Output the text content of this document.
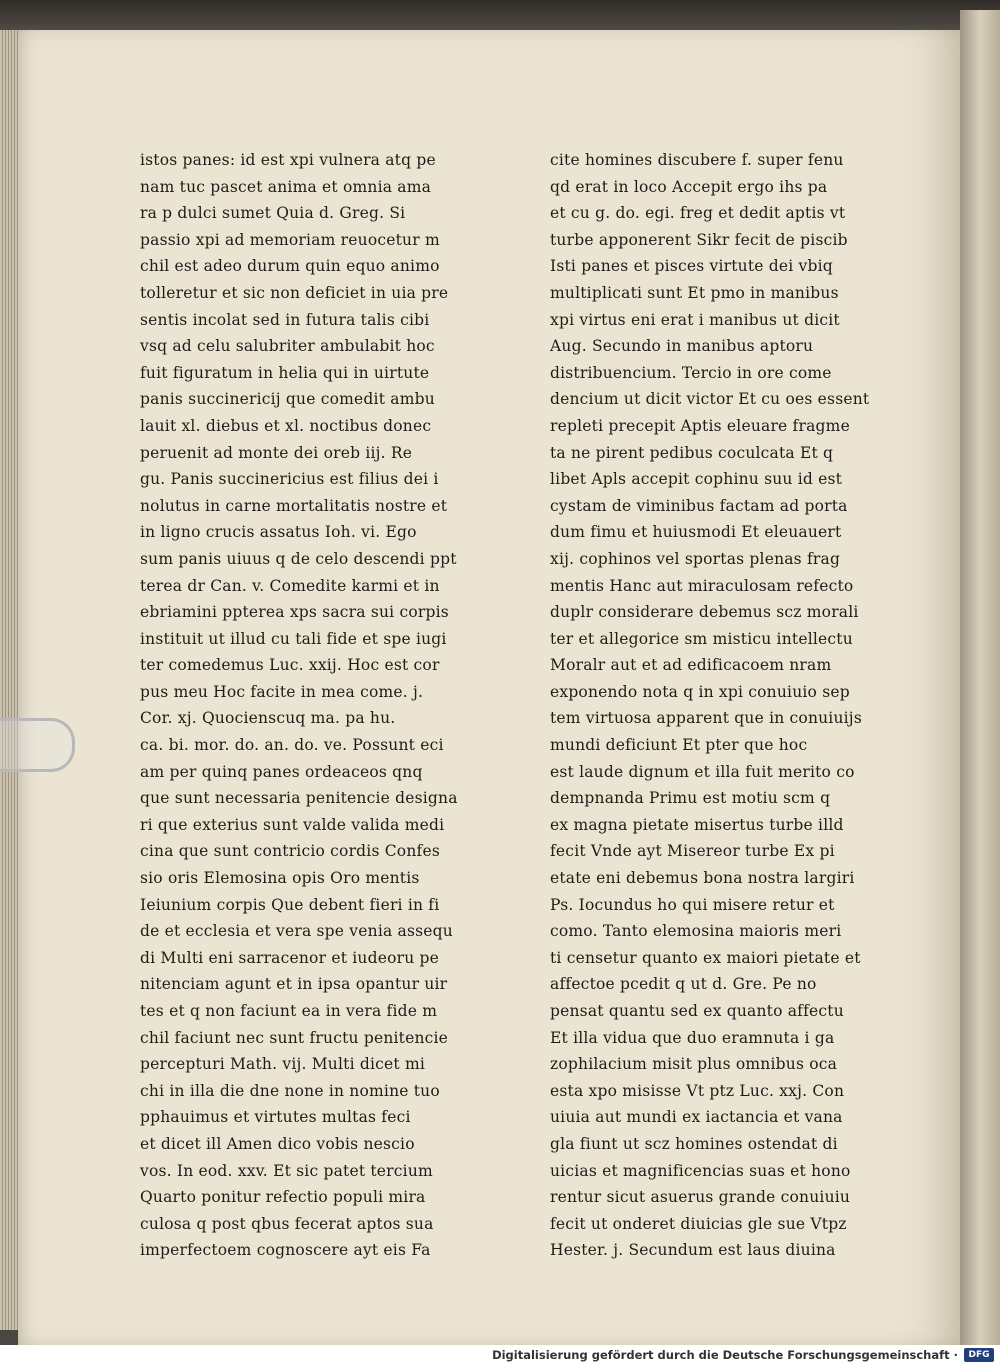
istos panes: id est xpi vulnera atq pe
nam tuc pascet anima et omnia ama
ra p dulci sumet Quia d. Greg. Si
passio xpi ad memoriam reuocetur m
chil est adeo durum quin equo animo
tolleretur et sic non deficiet in uia pre
sentis incolat sed in futura talis cibi
vsq ad celu salubriter ambulabit hoc
fuit figuratum in helia qui in uirtute
panis succinericij que comedit ambu
lauit xl. diebus et xl. noctibus donec
peruenit ad monte dei oreb iij. Re
gu. Panis succinericius est filius dei i
nolutus in carne mortalitatis nostre et
in ligno crucis assatus Ioh. vi. Ego
sum panis uiuus q de celo descendi ppt
terea dr Can. v. Comedite karmi et in
ebriamini ppterea xps sacra sui corpis
instituit ut illud cu tali fide et spe iugi
ter comedemus Luc. xxij. Hoc est cor
pus meu Hoc facite in mea come. j.
Cor. xj. Quocienscuq ma. pa hu.
ca. bi. mor. do. an. do. ve. Possunt eci
am per quinq panes ordeaceos qnq
que sunt necessaria penitencie designa
ri que exterius sunt valde valida medi
cina que sunt contricio cordis Confes
sio oris Elemosina opis Oro mentis
Ieiunium corpis Que debent fieri in fi
de et ecclesia et vera spe venia assequ
di Multi eni sarracenor et iudeoru pe
nitenciam agunt et in ipsa opantur uir
tes et q non faciunt ea in vera fide m
chil faciunt nec sunt fructu penitencie
percepturi Math. vij. Multi dicet mi
chi in illa die dne none in nomine tuo
pphauimus et virtutes multas feci
et dicet ill Amen dico vobis nescio
vos. In eod. xxv. Et sic patet tercium
Quarto ponitur refectio populi mira
culosa q post qbus fecerat aptos sua
imperfectoem cognoscere ayt eis Fa
cite homines discubere f. super fenu
qd erat in loco Accepit ergo ihs pa
et cu g. do. egi. freg et dedit aptis vt
turbe apponerent Sikr fecit de piscib
Isti panes et pisces virtute dei vbiq
multiplicati sunt Et pmo in manibus
xpi virtus eni erat i manibus ut dicit
Aug. Secundo in manibus aptoru
distribuencium. Tercio in ore come
dencium ut dicit victor Et cu oes essent
repleti precepit Aptis eleuare fragme
ta ne pirent pedibus coculcata Et q
libet Apls accepit cophinu suu id est
cystam de viminibus factam ad porta
dum fimu et huiusmodi Et eleuauert
xij. cophinos vel sportas plenas frag
mentis Hanc aut miraculosam refecto
duplr considerare debemus scz morali
ter et allegorice sm misticu intellectu
Moralr aut et ad edificacoem nram
exponendo nota q in xpi conuiuio sep
tem virtuosa apparent que in conuiuijs
mundi deficiunt Et pter que hoc
est laude dignum et illa fuit merito co
dempnanda Primu est motiu scm q
ex magna pietate misertus turbe illd
fecit Vnde ayt Misereor turbe Ex pi
etate eni debemus bona nostra largiri
Ps. Iocundus ho qui misere retur et
como. Tanto elemosina maioris meri
ti censetur quanto ex maiori pietate et
affectoe pcedit q ut d. Gre. Pe no
pensat quantu sed ex quanto affectu
Et illa vidua que duo eramnuta i ga
zophilacium misit plus omnibus oca
esta xpo misisse Vt ptz Luc. xxj. Con
uiuia aut mundi ex iactancia et vana
gla fiunt ut scz homines ostendat di
uicias et magnificencias suas et hono
rentur sicut asuerus grande conuiuiu
fecit ut onderet diuicias gle sue Vtpz
Hester. j. Secundum est laus diuina
Digitalisierung gefördert durch die Deutsche Forschungsgemeinschaft ·	DFG
